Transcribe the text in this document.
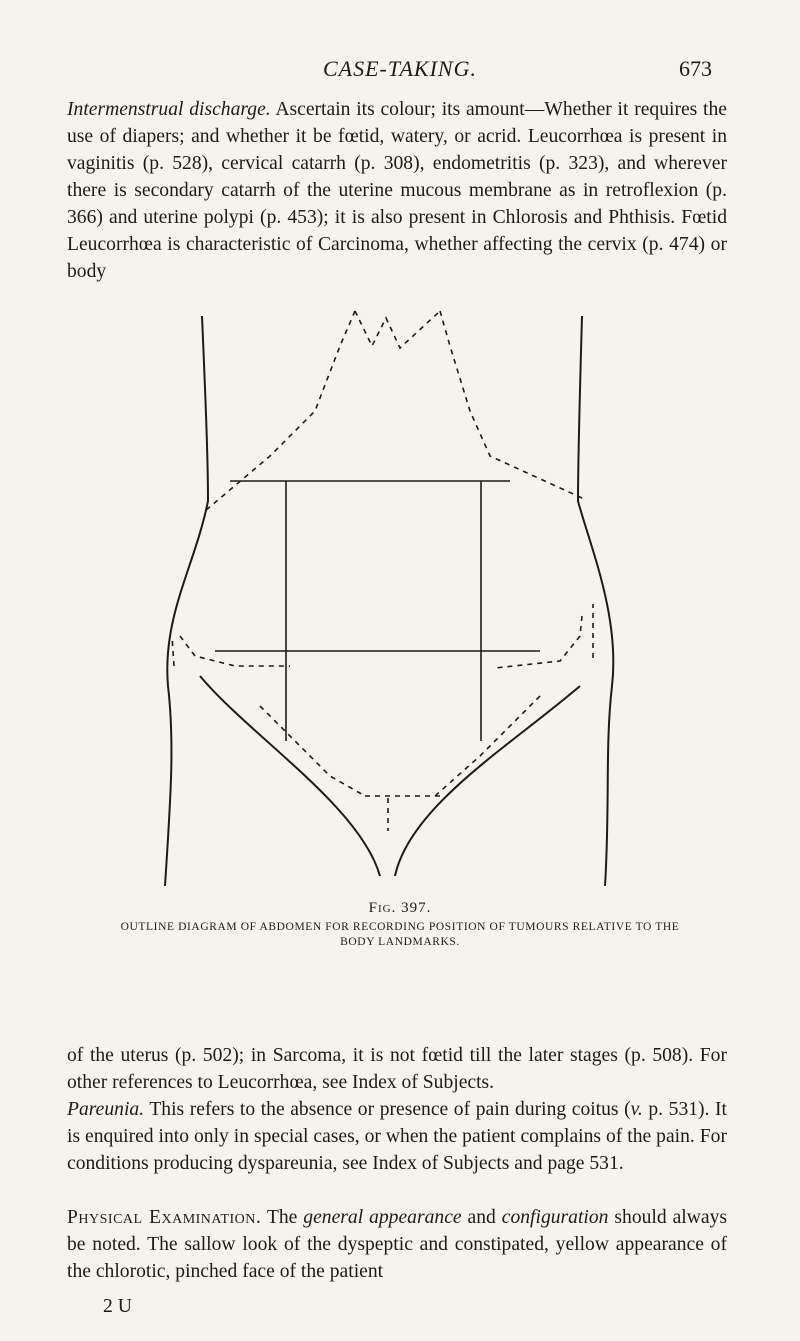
CASE-TAKING.	673

Intermenstrual discharge. Ascertain its colour; its amount—Whether it requires the use of diapers; and whether it be fœtid, watery, or acrid. Leucorrhœa is present in vaginitis (p. 528), cervical catarrh (p. 308), endometritis (p. 323), and wherever there is secondary catarrh of the uterine mucous membrane as in retroflexion (p. 366) and uterine polypi (p. 453); it is also present in Chlorosis and Phthisis. Fœtid Leucorrhœa is characteristic of Carcinoma, whether affecting the cervix (p. 474) or body

Fig. 397.
OUTLINE DIAGRAM OF ABDOMEN FOR RECORDING POSITION OF TUMOURS RELATIVE TO THE
BODY LANDMARKS.

of the uterus (p. 502); in Sarcoma, it is not fœtid till the later stages (p. 508). For other references to Leucorrhœa, see Index of Subjects.

Pareunia. This refers to the absence or presence of pain during coitus (v. p. 531). It is enquired into only in special cases, or when the patient complains of the pain. For conditions producing dyspareunia, see Index of Subjects and page 531.

Physical Examination. The general appearance and configuration should always be noted. The sallow look of the dyspeptic and constipated, yellow appearance of the chlorotic, pinched face of the patient

2 U
